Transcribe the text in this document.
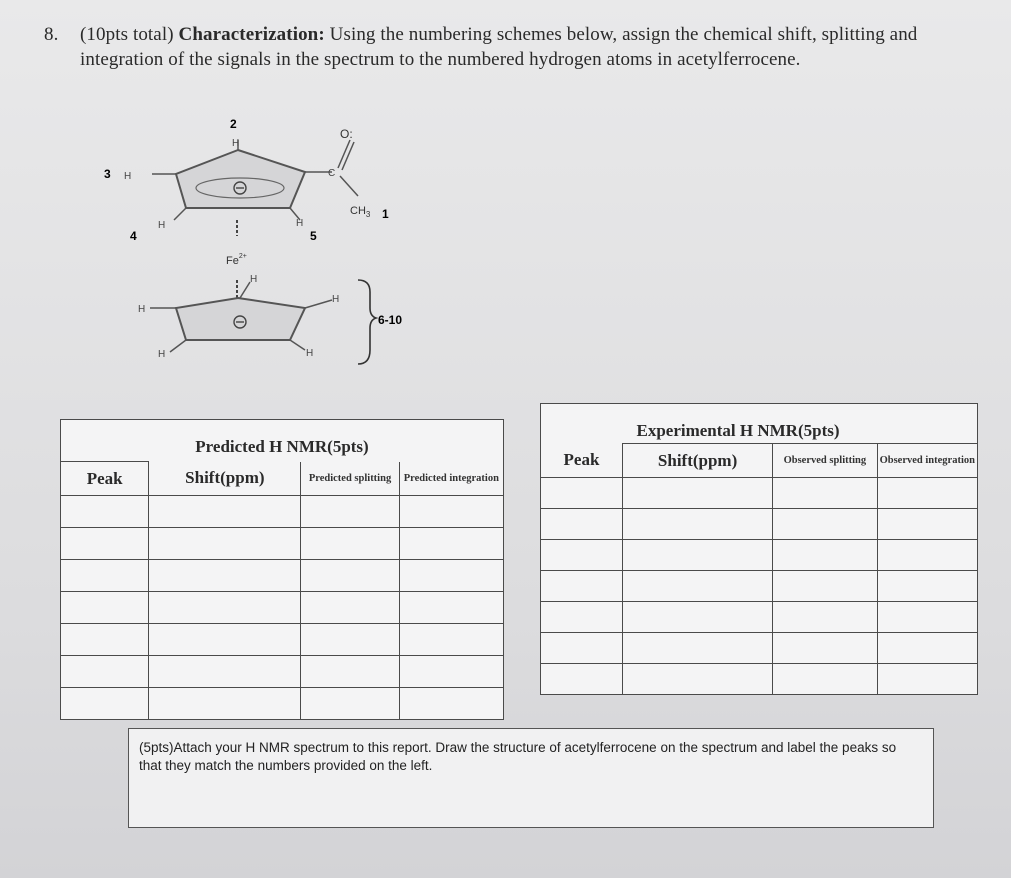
8. (10pts total) Characterization: Using the numbering schemes below, assign the chemical shift, splitting and integration of the signals in the spectrum to the numbered hydrogen atoms in acetylferrocene.
2
H
3 H
4
H	H
5
C
O:
$CH_3$ 1
$Fe^{2+}$
H
H
H
H
H
6-10
Predicted H NMR(5pts)			

Peak	Shift(ppm)	Predicted splitting	Predicted integration

	Experimental H NMR(5pts)		

Peak	Shift(ppm)	Observed splitting	Observed integration

(5pts)Attach your H NMR spectrum to this report. Draw the structure of acetylferrocene on the spectrum and label the peaks so that they match the numbers provided on the left.
